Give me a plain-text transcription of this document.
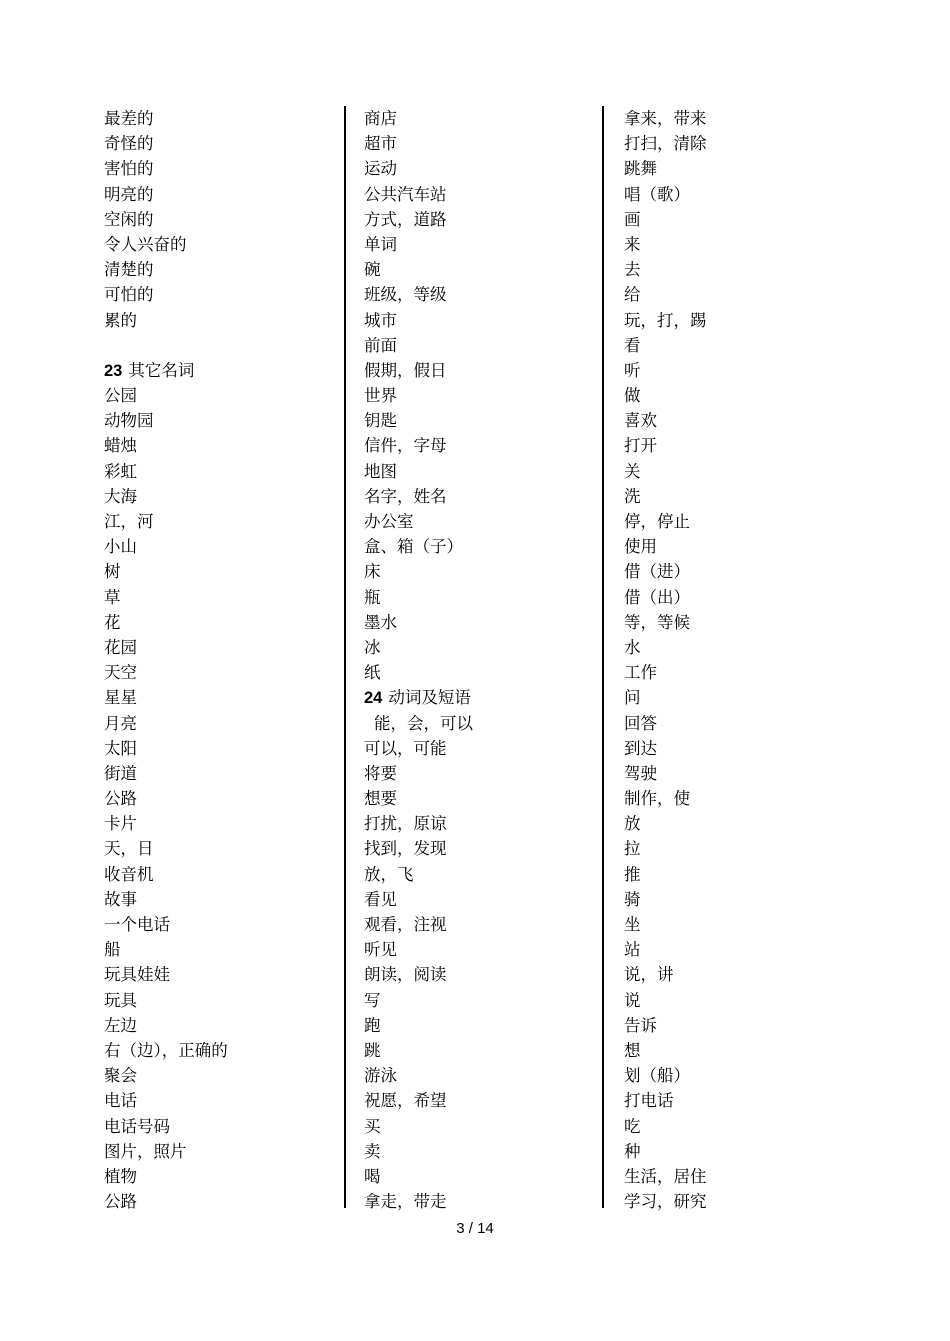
最差的
奇怪的
害怕的
明亮的
空闲的
令人兴奋的
清楚的
可怕的
累的
23 其它名词
公园
动物园
蜡烛
彩虹
大海
江，河
小山
树
草
花
花园
天空
星星
月亮
太阳
街道
公路
卡片
天，日
收音机
故事
一个电话
船
玩具娃娃
玩具
左边
右（边），正确的
聚会
电话
电话号码
图片，照片
植物
公路
商店
超市
运动
公共汽车站
方式，道路
单词
碗
班级，等级
城市
前面
假期，假日
世界
钥匙
信件，字母
地图
名字，姓名
办公室
盒、箱（子）
床
瓶
墨水
冰
纸
24 动词及短语
能，会，可以
可以，可能
将要
想要
打扰，原谅
找到，发现
放，飞
看见
观看，注视
听见
朗读，阅读
写
跑
跳
游泳
祝愿，希望
买
卖
喝
拿走，带走
拿来，带来
打扫，清除
跳舞
唱（歌）
画
来
去
给
玩，打，踢
看
听
做
喜欢
打开
关
洗
停，停止
使用
借（进）
借（出）
等，等候
水
工作
问
回答
到达
驾驶
制作，使
放
拉
推
骑
坐
站
说，讲
说
告诉
想
划（船）
打电话
吃
种
生活，居住
学习，研究
3 / 14
